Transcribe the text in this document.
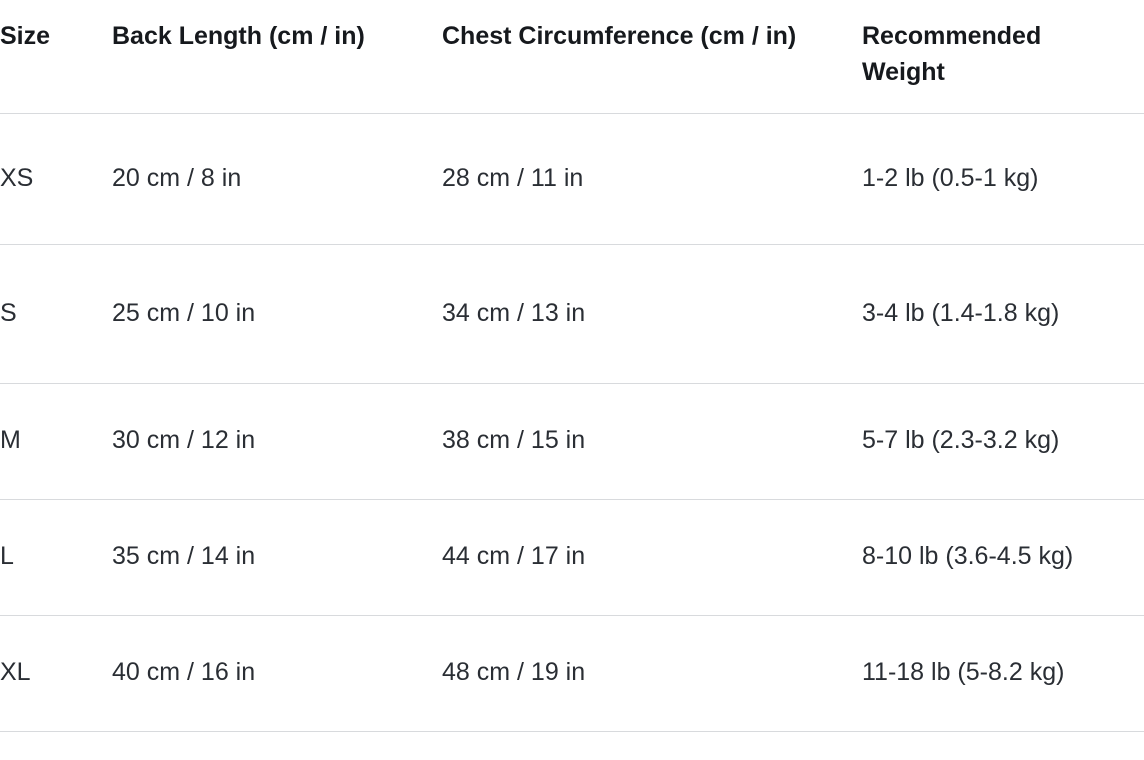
Size	Back Length (cm / in)	Chest Circumference (cm / in)	Recommended Weight

XS	20 cm / 8 in	28 cm / 11 in	1-2 lb (0.5-1 kg)

S	25 cm / 10 in	34 cm / 13 in	3-4 lb (1.4-1.8 kg)

M	30 cm / 12 in	38 cm / 15 in	5-7 lb (2.3-3.2 kg)

L	35 cm / 14 in	44 cm / 17 in	8-10 lb (3.6-4.5 kg)

XL	40 cm / 16 in	48 cm / 19 in	11-18 lb (5-8.2 kg)
